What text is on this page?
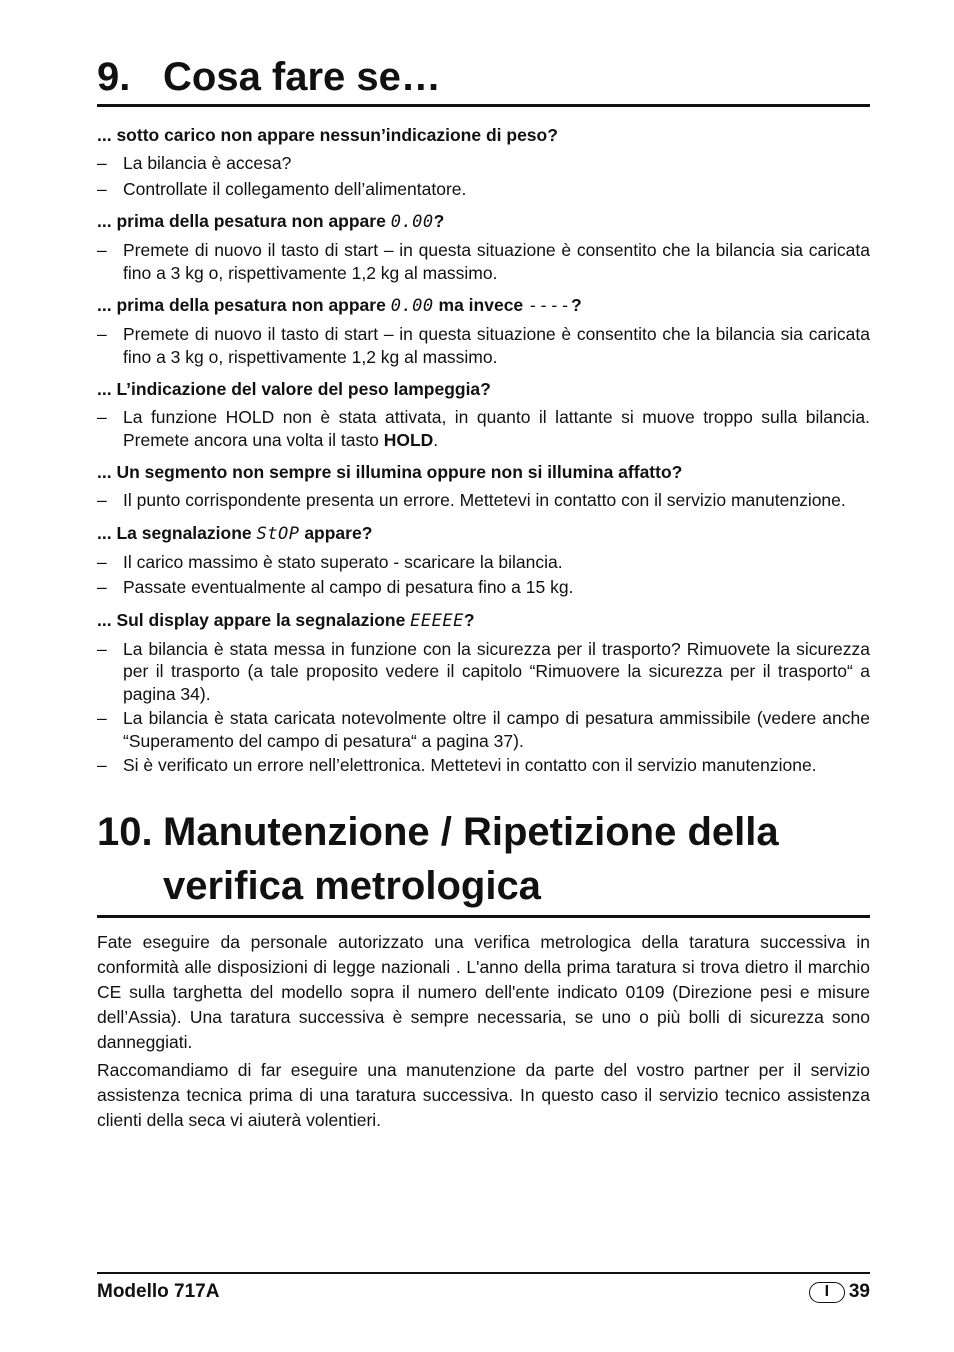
9. Cosa fare se…

... sotto carico non appare nessun’indicazione di peso?

– La bilancia è accesa?
– Controllate il collegamento dell’alimentatore.

... prima della pesatura non appare 0.00?

– Premete di nuovo il tasto di start – in questa situazione è consentito che la bilancia sia caricata fino a 3 kg o, rispettivamente 1,2 kg al massimo.

... prima della pesatura non appare 0.00 ma invece ----?

– Premete di nuovo il tasto di start – in questa situazione è consentito che la bilancia sia caricata fino a 3 kg o, rispettivamente 1,2 kg al massimo.

... L’indicazione del valore del peso lampeggia?

– La funzione HOLD non è stata attivata, in quanto il lattante si muove troppo sulla bilancia. Premete ancora una volta il tasto HOLD.

... Un segmento non sempre si illumina oppure non si illumina affatto?

– Il punto corrispondente presenta un errore. Mettetevi in contatto con il servizio manutenzione.

... La segnalazione StOP appare?

– Il carico massimo è stato superato - scaricare la bilancia.
– Passate eventualmente al campo di pesatura fino a 15 kg.

... Sul display appare la segnalazione EEEEE?

– La bilancia è stata messa in funzione con la sicurezza per il trasporto? Rimuovete la sicurezza per il trasporto (a tale proposito vedere il capitolo “Rimuovere la sicurezza per il trasporto“ a pagina 34).
– La bilancia è stata caricata notevolmente oltre il campo di pesatura ammissibile (vedere anche “Superamento del campo di pesatura“ a pagina 37).
– Si è verificato un errore nell’elettronica. Mettetevi in contatto con il servizio manutenzione.
10. Manutenzione / Ripetizione della
verifica metrologica

Fate eseguire da personale autorizzato una verifica metrologica della taratura successiva in conformità alle disposizioni di legge nazionali . L'anno della prima taratura si trova dietro il marchio CE sulla targhetta del modello sopra il numero dell'ente indicato 0109 (Direzione pesi e misure dell’Assia). Una taratura successiva è sempre necessaria, se uno o più bolli di sicurezza sono danneggiati.

Raccomandiamo di far eseguire una manutenzione da parte del vostro partner per il servizio assistenza tecnica prima di una taratura successiva. In questo caso il servizio tecnico assistenza clienti della seca vi aiuterà volentieri.

Modello 717A	I	39
